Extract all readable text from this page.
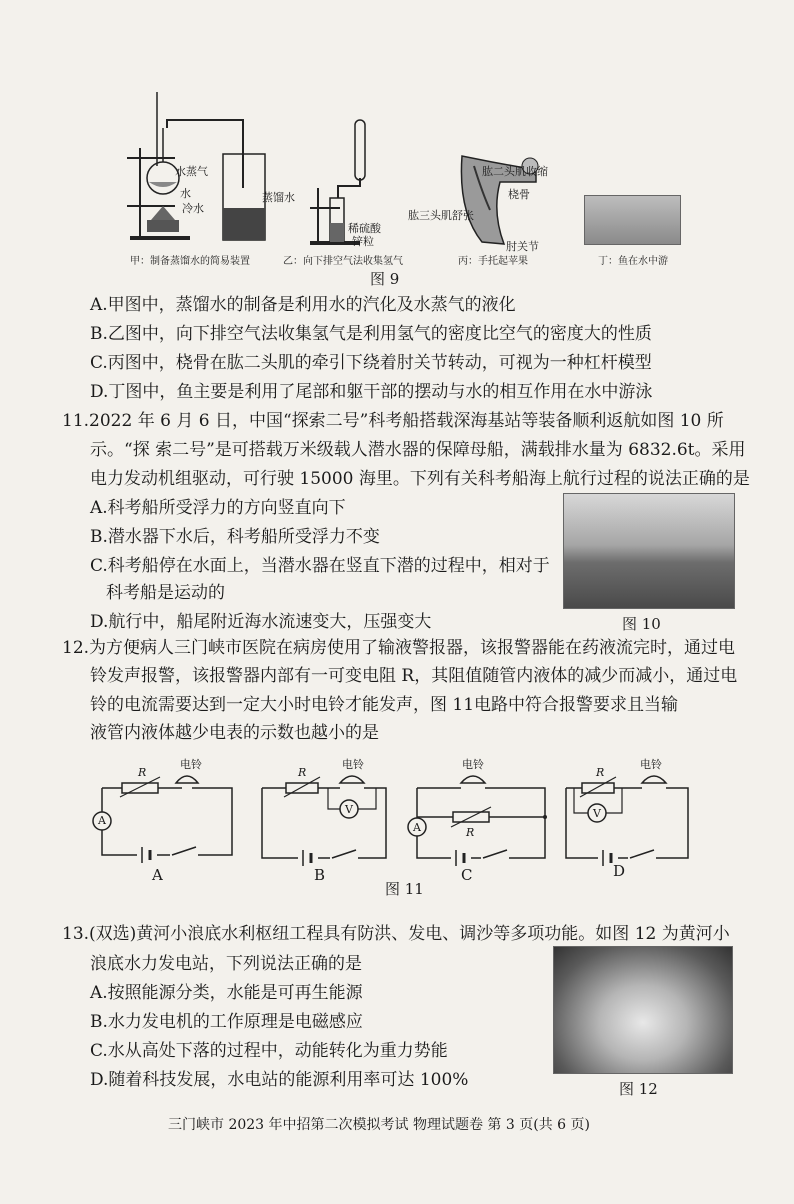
水蒸气
水	蒸馏水
冷水
稀硫酸
锌粒
肱二头肌收缩
桡骨
肱三头肌舒张
肘关节
甲：制备蒸馏水的简易装置	乙：向下排空气法收集氢气	丙：手托起苹果	丁：鱼在水中游
图 9
A.甲图中，蒸馏水的制备是利用水的汽化及水蒸气的液化
B.乙图中，向下排空气法收集氢气是利用氢气的密度比空气的密度大的性质
C.丙图中，桡骨在肱二头肌的牵引下绕着肘关节转动，可视为一种杠杆模型
D.丁图中，鱼主要是利用了尾部和躯干部的摆动与水的相互作用在水中游泳
11.2022 年 6 月 6 日，中国“探索二号”科考船搭载深海基站等装备顺利返航如图 10 所
示。“探 索二号”是可搭载万米级载人潜水器的保障母船，满载排水量为 6832.6t。采用
电力发动机组驱动，可行驶 15000 海里。下列有关科考船海上航行过程的说法正确的是
A.科考船所受浮力的方向竖直向下
B.潜水器下水后，科考船所受浮力不变
C.科考船停在水面上，当潜水器在竖直下潜的过程中，相对于
科考船是运动的
D.航行中，船尾附近海水流速变大，压强变大	图 10
12.为方便病人三门峡市医院在病房使用了输液警报器，该报警器能在药液流完时，通过电
铃发声报警，该报警器内部有一可变电阻 R，其阻值随管内液体的减少而减小，通过电
铃的电流需要达到一定大小时电铃才能发声，图 11电路中符合报警要求且当输
液管内液体越少电表的示数也越小的是
R
电铃
A
A
R
电铃
V
B
电铃
R
A
C
R
电铃
V
D
图 11
13.(双选)黄河小浪底水利枢纽工程具有防洪、发电、调沙等多项功能。如图 12 为黄河小
浪底水力发电站，下列说法正确的是
A.按照能源分类，水能是可再生能源
B.水力发电机的工作原理是电磁感应
C.水从高处下落的过程中，动能转化为重力势能
D.随着科技发展，水电站的能源利用率可达 100%	图 12
三门峡市 2023 年中招第二次模拟考试 物理试题卷 第 3 页(共 6 页)
